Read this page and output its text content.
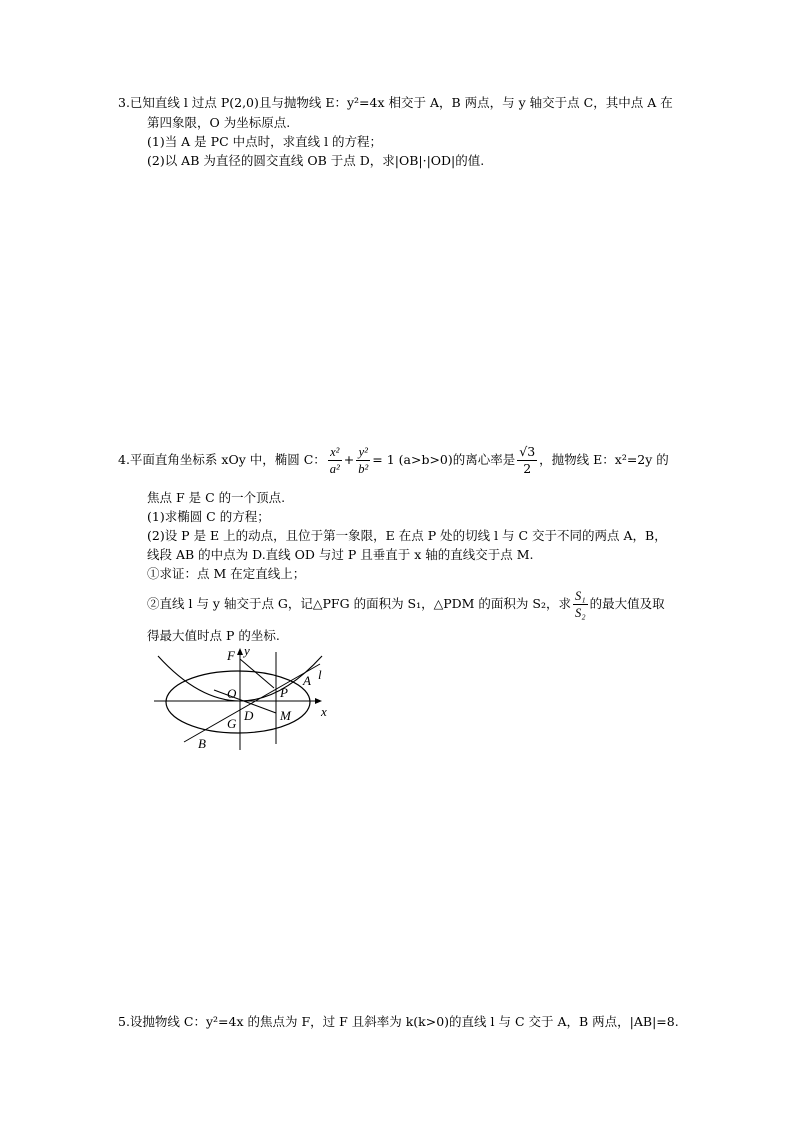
3.已知直线 l 过点 P(2,0)且与抛物线 E：y²=4x 相交于 A，B 两点，与 y 轴交于点 C，其中点 A 在
第四象限，O 为坐标原点.
(1)当 A 是 PC 中点时，求直线 l 的方程；
(2)以 AB 为直径的圆交直线 OB 于点 D，求|OB|·|OD|的值.
4.平面直角坐标系 xOy 中，椭圆 C： $\frac{\text{x²}}{\text{a²}} + \frac{\text{y²}}{\text{b²}} = 1$ (a>b>0)的离心率是 $\frac{√3}{2}$ ，抛物线 E：x²=2y 的
焦点 F 是 C 的一个顶点.
(1)求椭圆 C 的方程；
(2)设 P 是 E 上的动点，且位于第一象限，E 在点 P 处的切线 l 与 C 交于不同的两点 A，B，
线段 AB 的中点为 D.直线 OD 与过 P 且垂直于 x 轴的直线交于点 M.
①求证：点 M 在定直线上；
②直线 l 与 y 轴交于点 G，记△PFG 的面积为 S₁，△PDM 的面积为 S₂，求 $\frac{\text{S₁}}{\text{S₂}}$ 的最大值及取
得最大值时点 P 的坐标.
F y
O	P
A l
G
D M x
B
5.设抛物线 C：y²=4x 的焦点为 F，过 F 且斜率为 k(k>0)的直线 l 与 C 交于 A，B 两点，|AB|=8.
